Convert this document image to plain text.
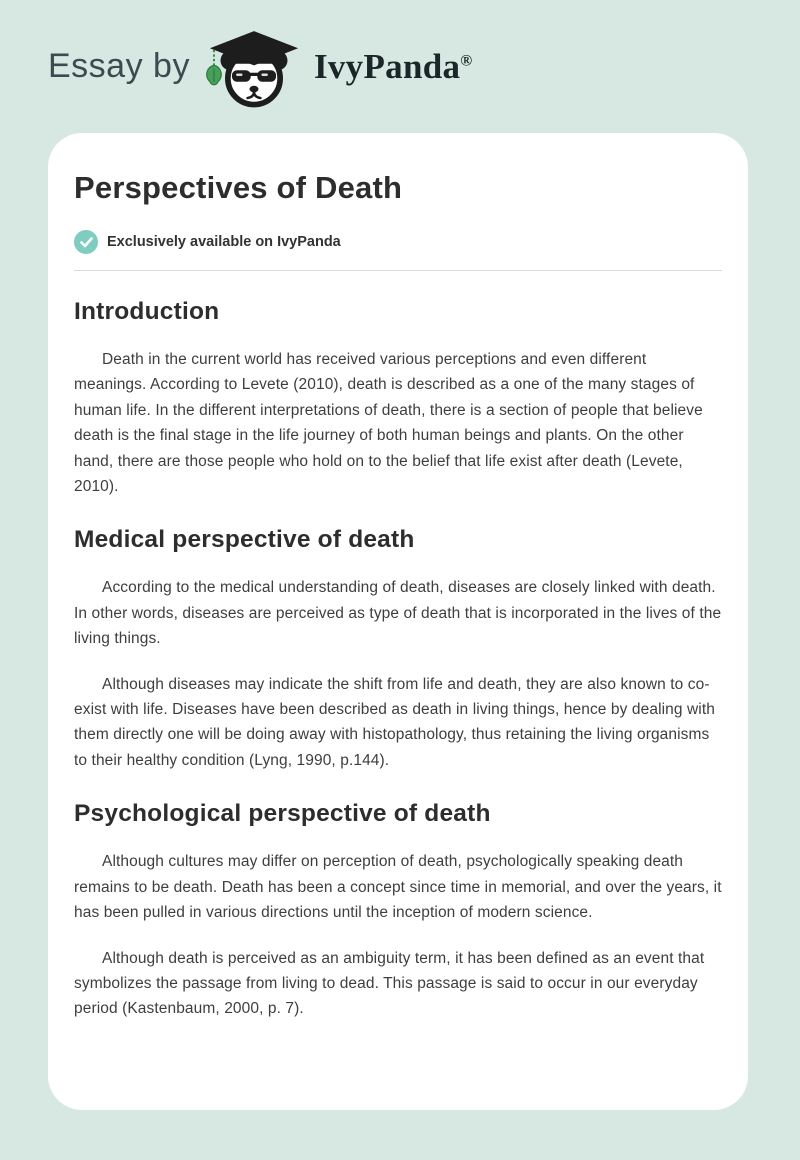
Essay by	IvyPanda®
Perspectives of Death
Exclusively available on IvyPanda
Introduction

Death in the current world has received various perceptions and even different meanings. According to Levete (2010), death is described as a one of the many stages of human life. In the different interpretations of death, there is a section of people that believe death is the final stage in the life journey of both human beings and plants. On the other hand, there are those people who hold on to the belief that life exist after death (Levete, 2010).

Medical perspective of death

According to the medical understanding of death, diseases are closely linked with death. In other words, diseases are perceived as type of death that is incorporated in the lives of the living things.

Although diseases may indicate the shift from life and death, they are also known to co-exist with life. Diseases have been described as death in living things, hence by dealing with them directly one will be doing away with histopathology, thus retaining the living organisms to their healthy condition (Lyng, 1990, p.144).

Psychological perspective of death

Although cultures may differ on perception of death, psychologically speaking death remains to be death. Death has been a concept since time in memorial, and over the years, it has been pulled in various directions until the inception of modern science.

Although death is perceived as an ambiguity term, it has been defined as an event that symbolizes the passage from living to dead. This passage is said to occur in our everyday period (Kastenbaum, 2000, p. 7).
